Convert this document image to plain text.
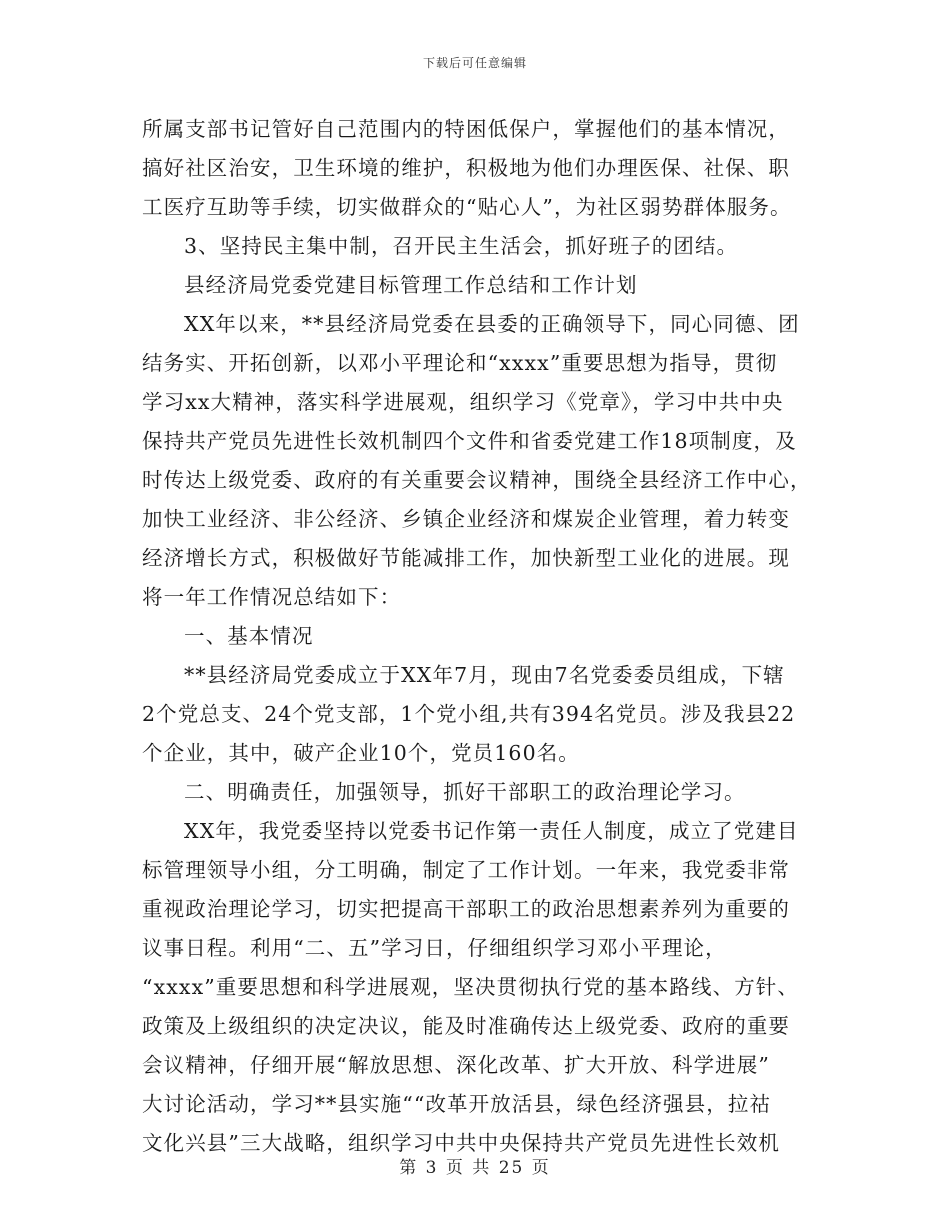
下载后可任意编辑
所属支部书记管好自己范围内的特困低保户，掌握他们的基本情况，
搞好社区治安，卫生环境的维护，积极地为他们办理医保、社保、职
工医疗互助等手续，切实做群众的“贴心人”，为社区弱势群体服务。
3、坚持民主集中制，召开民主生活会，抓好班子的团结。
县经济局党委党建目标管理工作总结和工作计划
XX年以来，**县经济局党委在县委的正确领导下，同心同德、团
结务实、开拓创新，以邓小平理论和“xxxx”重要思想为指导，贯彻
学习xx大精神，落实科学进展观，组织学习《党章》，学习中共中央
保持共产党员先进性长效机制四个文件和省委党建工作18项制度，及
时传达上级党委、政府的有关重要会议精神，围绕全县经济工作中心，
加快工业经济、非公经济、乡镇企业经济和煤炭企业管理，着力转变
经济增长方式，积极做好节能减排工作，加快新型工业化的进展。现
将一年工作情况总结如下：
一、基本情况
**县经济局党委成立于XX年7月，现由7名党委委员组成，下辖
2个党总支、24个党支部，1个党小组,共有394名党员。涉及我县22
个企业，其中，破产企业10个，党员160名。
二、明确责任，加强领导，抓好干部职工的政治理论学习。
XX年，我党委坚持以党委书记作第一责任人制度，成立了党建目
标管理领导小组，分工明确，制定了工作计划。一年来，我党委非常
重视政治理论学习，切实把提高干部职工的政治思想素养列为重要的
议事日程。利用“二、五”学习日，仔细组织学习邓小平理论，
“xxxx”重要思想和科学进展观，坚决贯彻执行党的基本路线、方针、
政策及上级组织的决定决议，能及时准确传达上级党委、政府的重要
会议精神，仔细开展“解放思想、深化改革、扩大开放、科学进展”
大讨论活动，学习**县实施““改革开放活县，绿色经济强县，拉祜
文化兴县”三大战略，组织学习中共中央保持共产党员先进性长效机
第 3 页 共 25 页
